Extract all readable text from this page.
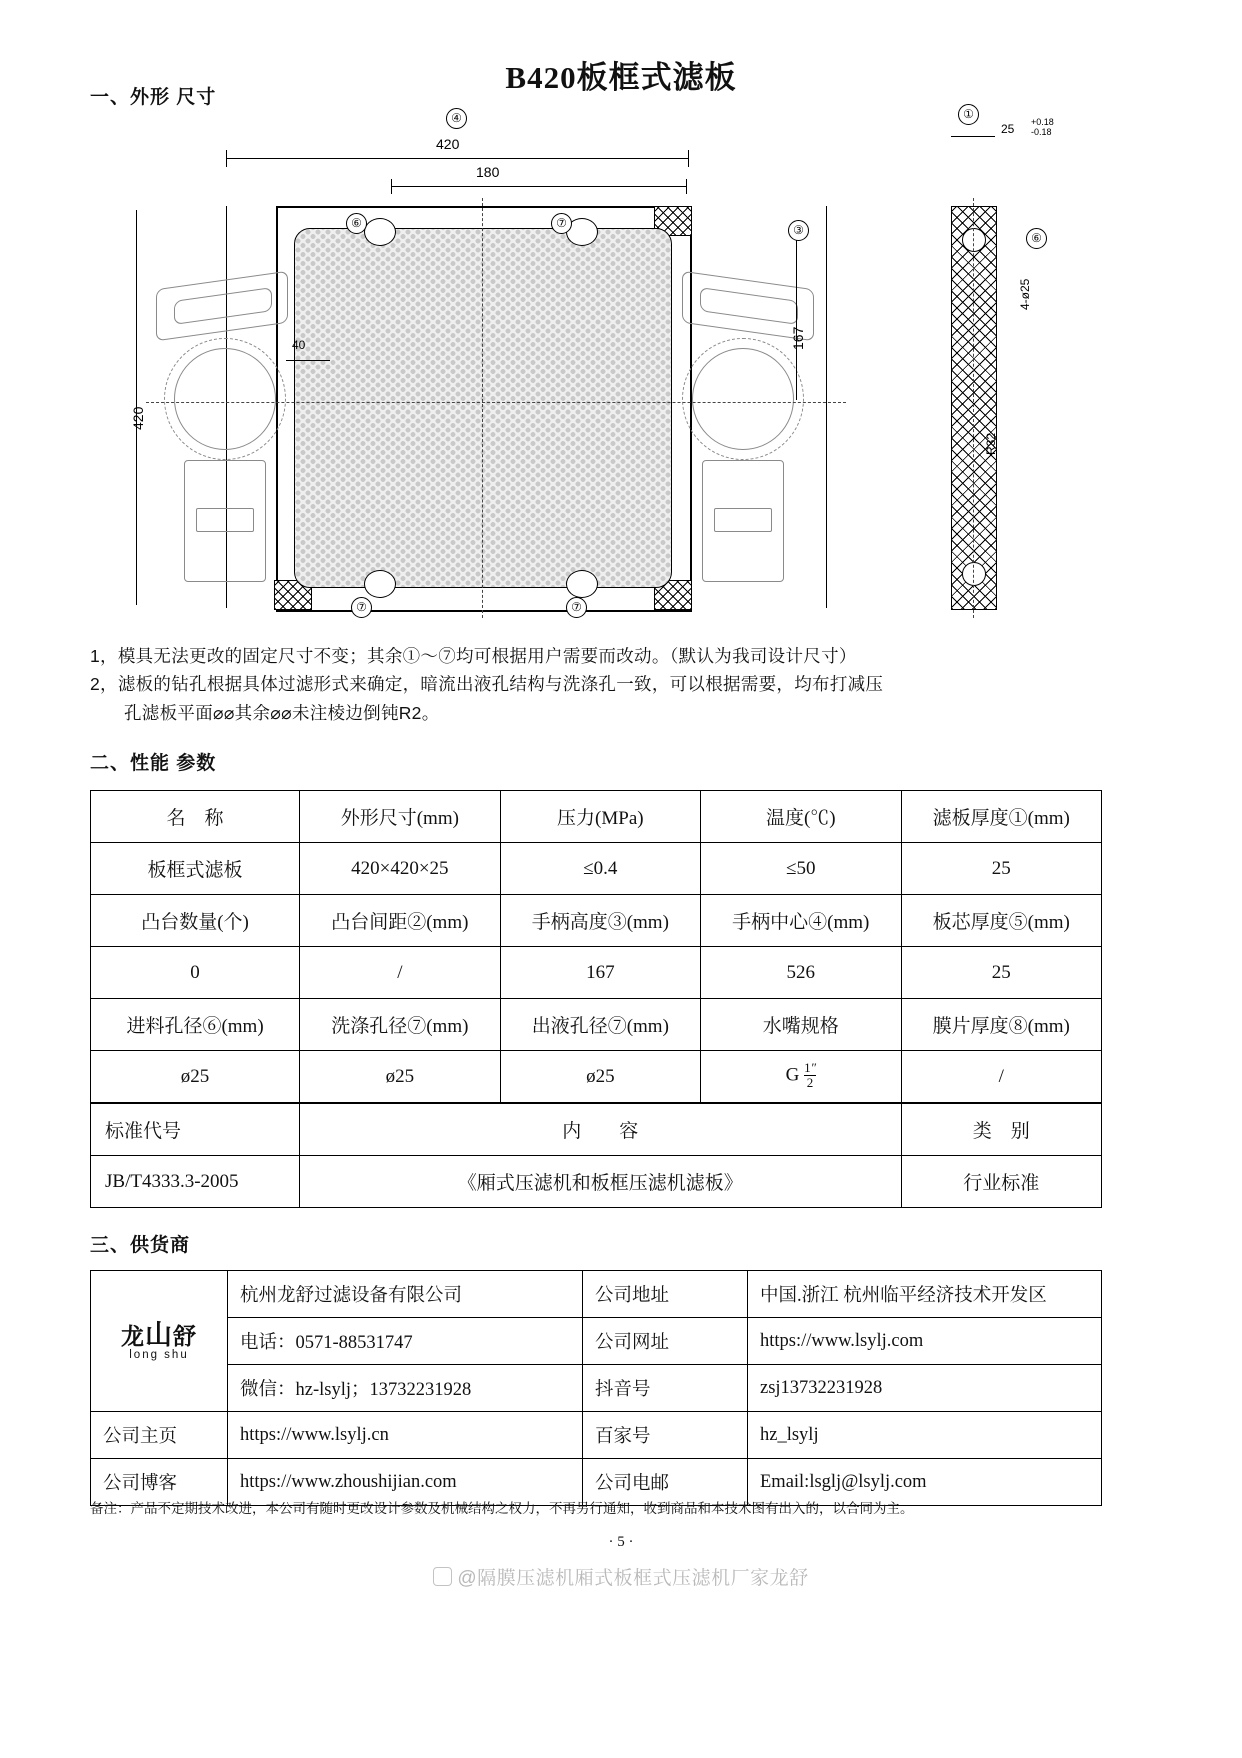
B420板框式滤板
一、外形 尺寸
420
④
180
420
⑥	⑦
⑦	⑦
40	167
③
①
25 +0.18
-0.18
⑥
4-ø25
R32
1，模具无法更改的固定尺寸不变；其余①～⑦均可根据用户需要而改动。（默认为我司设计尺寸）
2，滤板的钻孔根据具体过滤形式来确定，暗流出液孔结构与洗涤孔一致，可以根据需要，均布打减压
孔滤板平面⌀⌀其余⌀⌀未注棱边倒钝R2。
二、性能 参数
名　称	外形尺寸(mm)	压力(MPa)	温度(℃)	滤板厚度①(mm)
板框式滤板	420×420×25	≤0.4	≤50	25
凸台数量(个)	凸台间距②(mm)	手柄高度③(mm)	手柄中心④(mm)	板芯厚度⑤(mm)
0	/	167	526	25
进料孔径⑥(mm)	洗涤孔径⑦(mm)	出液孔径⑦(mm)	水嘴规格	膜片厚度⑧(mm)
ø25	ø25	ø25	G $\frac{1''}{2}$	/
标准代号	内　　容			类　别
JB/T4333.3-2005	《厢式压滤机和板框压滤机滤板》			行业标准
三、供货商
龙山舒
long shu	杭州龙舒过滤设备有限公司	公司地址	中国.浙江 杭州临平经济技术开发区
	电话：0571-88531747	公司网址	https://www.lsylj.com
	微信：hz-lsylj；13732231928	抖音号	zsj13732231928
公司主页	https://www.lsylj.cn	百家号	hz_lsylj
公司博客	https://www.zhoushijian.com	公司电邮	Email:lsglj@lsylj.com
备注：产品不定期技术改进，本公司有随时更改设计参数及机械结构之权力，不再另行通知，收到商品和本技术图有出入的，以合同为主。
· 5 ·
@隔膜压滤机厢式板框式压滤机厂家龙舒
